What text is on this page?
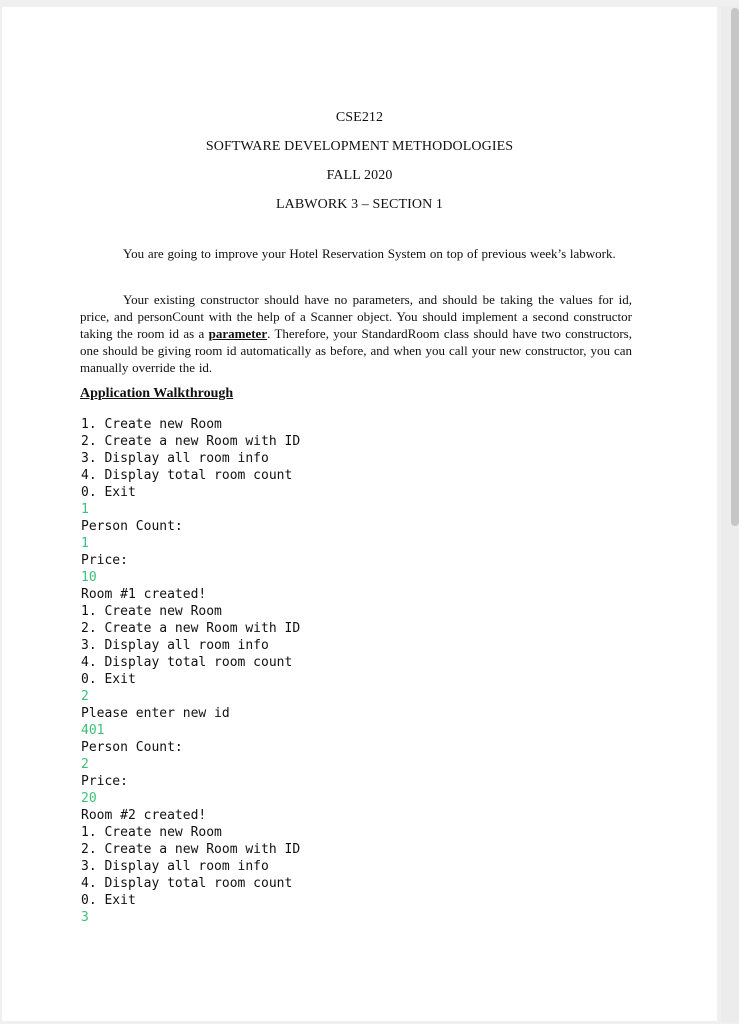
CSE212
SOFTWARE DEVELOPMENT METHODOLOGIES
FALL 2020
LABWORK 3 – SECTION 1

You are going to improve your Hotel Reservation System on top of previous week’s labwork.

Your existing constructor should have no parameters, and should be taking the values for id, price, and personCount with the help of a Scanner object. You should implement a second constructor taking the room id as a parameter. Therefore, your StandardRoom class should have two constructors, one should be giving room id automatically as before, and when you call your new constructor, you can manually override the id.

Application Walkthrough
1. Create new Room
2. Create a new Room with ID
3. Display all room info
4. Display total room count
0. Exit
1
Person Count:
1
Price:
10
Room #1 created!
1. Create new Room
2. Create a new Room with ID
3. Display all room info
4. Display total room count
0. Exit
2
Please enter new id
401
Person Count:
2
Price:
20
Room #2 created!
1. Create new Room
2. Create a new Room with ID
3. Display all room info
4. Display total room count
0. Exit
3
